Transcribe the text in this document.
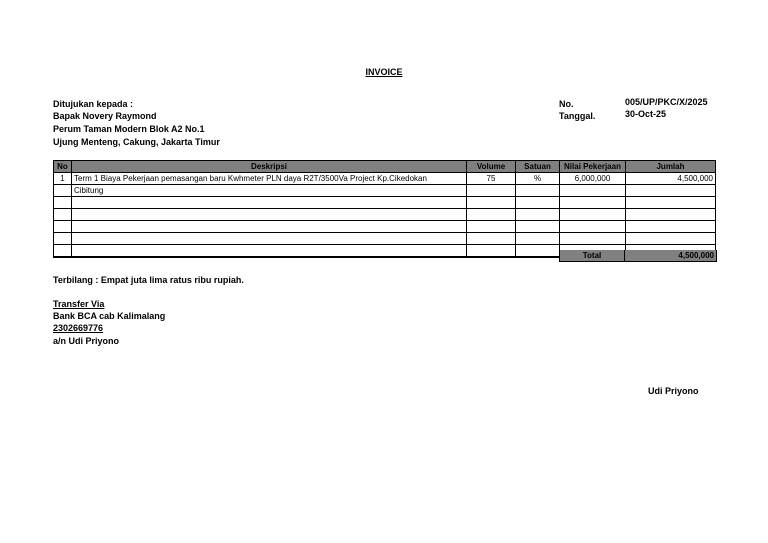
INVOICE
Ditujukan kepada :
Bapak Novery Raymond
Perum Taman Modern Blok A2 No.1
Ujung Menteng, Cakung, Jakarta Timur
No.	005/UP/PKC/X/2025
Tanggal.	30-Oct-25
No	Deskripsi	Volume	Satuan	Nilai Pekerjaan	Jumlah
1	Term 1 Biaya Pekerjaan pemasangan baru Kwhmeter PLN daya R2T/3500Va Project Kp.Cikedokan	75	%	6,000,000	4,500,000
	Cibitung				

Total	4,500,000
Terbilang : Empat juta lima ratus ribu rupiah.
Transfer Via
Bank BCA cab Kalimalang
2302669776
a/n Udi Priyono
Udi Priyono
